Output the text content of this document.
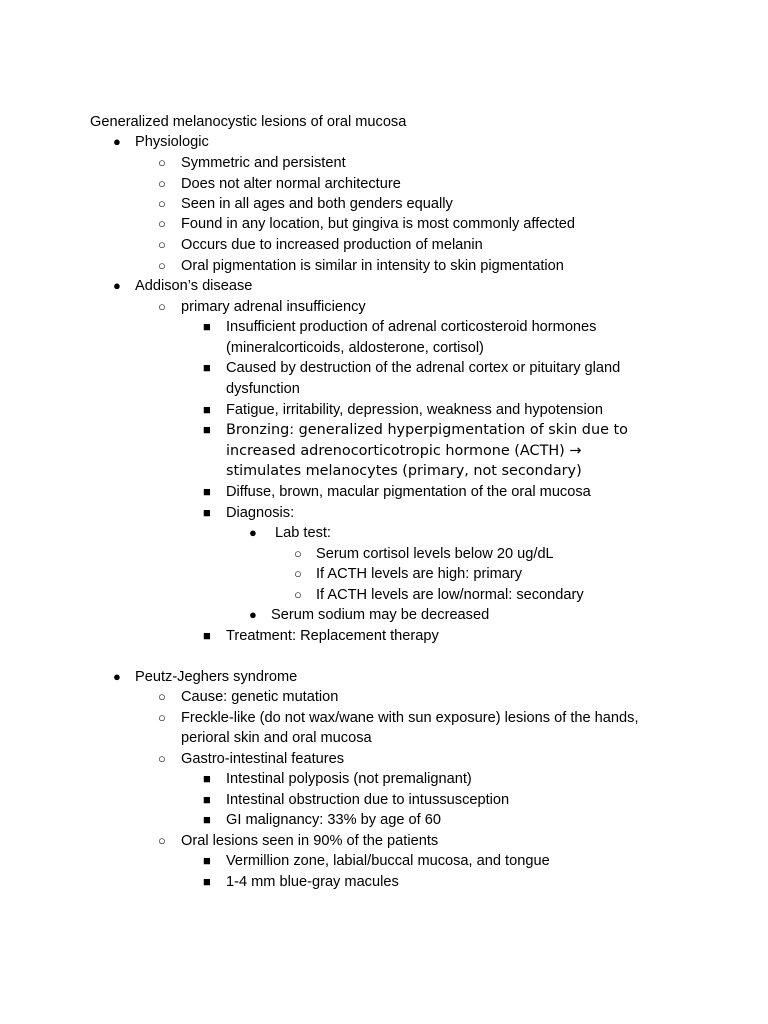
Generalized melanocystic lesions of oral mucosa
● Physiologic
○ Symmetric and persistent
○ Does not alter normal architecture
○ Seen in all ages and both genders equally
○ Found in any location, but gingiva is most commonly affected
○ Occurs due to increased production of melanin
○ Oral pigmentation is similar in intensity to skin pigmentation
● Addison’s disease
○ primary adrenal insufficiency
■ Insufficient production of adrenal corticosteroid hormones
(mineralcorticoids, aldosterone, cortisol)
■ Caused by destruction of the adrenal cortex or pituitary gland
dysfunction
■ Fatigue, irritability, depression, weakness and hypotension
■ Bronzing: generalized hyperpigmentation of skin due to
increased adrenocorticotropic hormone (ACTH) →
stimulates melanocytes (primary, not secondary)
■ Diffuse, brown, macular pigmentation of the oral mucosa
■ Diagnosis:
● Lab test:
○ Serum cortisol levels below 20 ug/dL
○ If ACTH levels are high: primary
○ If ACTH levels are low/normal: secondary
● Serum sodium may be decreased
■ Treatment: Replacement therapy
● Peutz-Jeghers syndrome
○ Cause: genetic mutation
○ Freckle-like (do not wax/wane with sun exposure) lesions of the hands,
perioral skin and oral mucosa
○ Gastro-intestinal features
■ Intestinal polyposis (not premalignant)
■ Intestinal obstruction due to intussusception
■ GI malignancy: 33% by age of 60
○ Oral lesions seen in 90% of the patients
■ Vermillion zone, labial/buccal mucosa, and tongue
■ 1-4 mm blue-gray macules
